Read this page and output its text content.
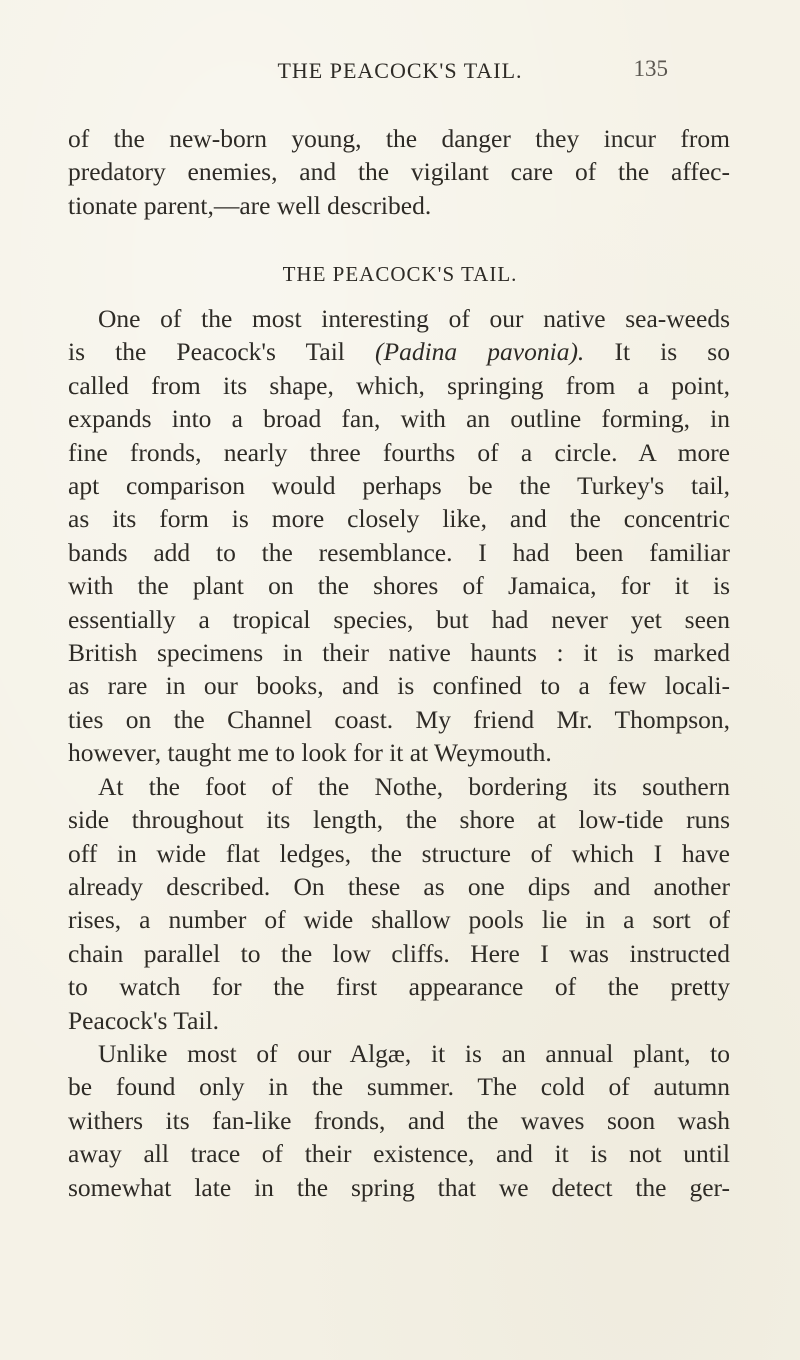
THE PEACOCK'S TAIL.	135
of the new-born young, the danger they incur from
predatory enemies, and the vigilant care of the affec-
tionate parent,—are well described.
THE PEACOCK'S TAIL.
One of the most interesting of our native sea-weeds
is the Peacock's Tail (Padina pavonia). It is so
called from its shape, which, springing from a point,
expands into a broad fan, with an outline forming, in
fine fronds, nearly three fourths of a circle. A more
apt comparison would perhaps be the Turkey's tail,
as its form is more closely like, and the concentric
bands add to the resemblance. I had been familiar
with the plant on the shores of Jamaica, for it is
essentially a tropical species, but had never yet seen
British specimens in their native haunts : it is marked
as rare in our books, and is confined to a few locali-
ties on the Channel coast. My friend Mr. Thompson,
however, taught me to look for it at Weymouth.
At the foot of the Nothe, bordering its southern
side throughout its length, the shore at low-tide runs
off in wide flat ledges, the structure of which I have
already described. On these as one dips and another
rises, a number of wide shallow pools lie in a sort of
chain parallel to the low cliffs. Here I was instructed
to watch for the first appearance of the pretty
Peacock's Tail.
Unlike most of our Algæ, it is an annual plant, to
be found only in the summer. The cold of autumn
withers its fan-like fronds, and the waves soon wash
away all trace of their existence, and it is not until
somewhat late in the spring that we detect the ger-
